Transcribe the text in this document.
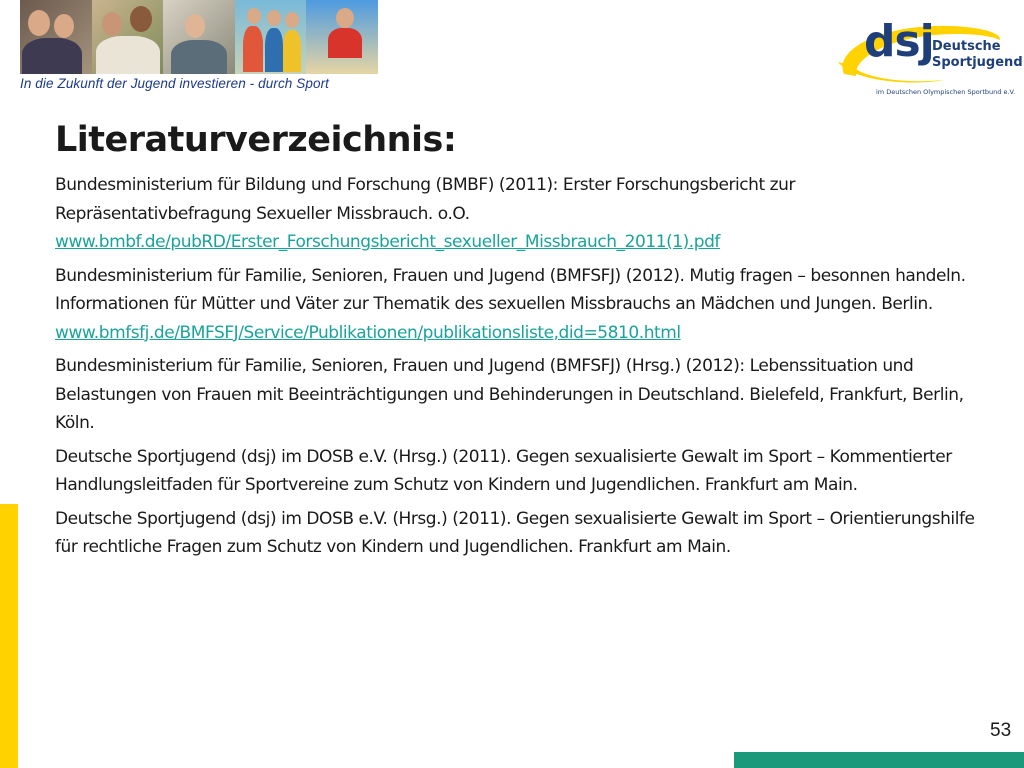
In die Zukunft der Jugend investieren - durch Sport
dsj
Deutsche
Sportjugend
im Deutschen Olympischen Sportbund e.V.
Literaturverzeichnis:

Bundesministerium für Bildung und Forschung (BMBF) (2011): Erster Forschungsbericht zur Repräsentativbefragung Sexueller Missbrauch. o.O.
www.bmbf.de/pubRD/Erster_Forschungsbericht_sexueller_Missbrauch_2011(1).pdf

Bundesministerium für Familie, Senioren, Frauen und Jugend (BMFSFJ) (2012). Mutig fragen – besonnen handeln. Informationen für Mütter und Väter zur Thematik des sexuellen Missbrauchs an Mädchen und Jungen. Berlin.
www.bmfsfj.de/BMFSFJ/Service/Publikationen/publikationsliste,did=5810.html

Bundesministerium für Familie, Senioren, Frauen und Jugend (BMFSFJ) (Hrsg.) (2012): Lebenssituation und Belastungen von Frauen mit Beeinträchtigungen und Behinderungen in Deutschland. Bielefeld, Frankfurt, Berlin, Köln.

Deutsche Sportjugend (dsj) im DOSB e.V. (Hrsg.) (2011). Gegen sexualisierte Gewalt im Sport – Kommentierter Handlungsleitfaden für Sportvereine zum Schutz von Kindern und Jugendlichen. Frankfurt am Main.

Deutsche Sportjugend (dsj) im DOSB e.V. (Hrsg.) (2011). Gegen sexualisierte Gewalt im Sport – Orientierungshilfe für rechtliche Fragen zum Schutz von Kindern und Jugendlichen. Frankfurt am Main.

53
